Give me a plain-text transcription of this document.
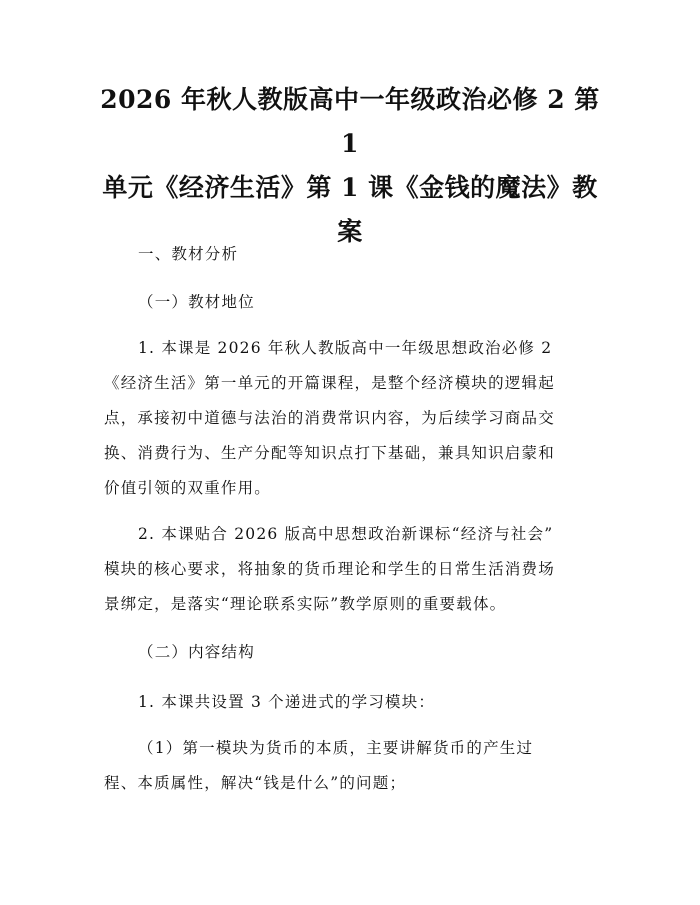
2026 年秋人教版高中一年级政治必修 2 第 1
单元《经济生活》第 1 课《金钱的魔法》教
案

一、教材分析

（一）教材地位

1. 本课是 2026 年秋人教版高中一年级思想政治必修 2
《经济生活》第一单元的开篇课程，是整个经济模块的逻辑起
点，承接初中道德与法治的消费常识内容，为后续学习商品交
换、消费行为、生产分配等知识点打下基础，兼具知识启蒙和
价值引领的双重作用。

2. 本课贴合 2026 版高中思想政治新课标“经济与社会”
模块的核心要求，将抽象的货币理论和学生的日常生活消费场
景绑定，是落实“理论联系实际”教学原则的重要载体。

（二）内容结构

1. 本课共设置 3 个递进式的学习模块：

（1）第一模块为货币的本质，主要讲解货币的产生过
程、本质属性，解决“钱是什么”的问题；
